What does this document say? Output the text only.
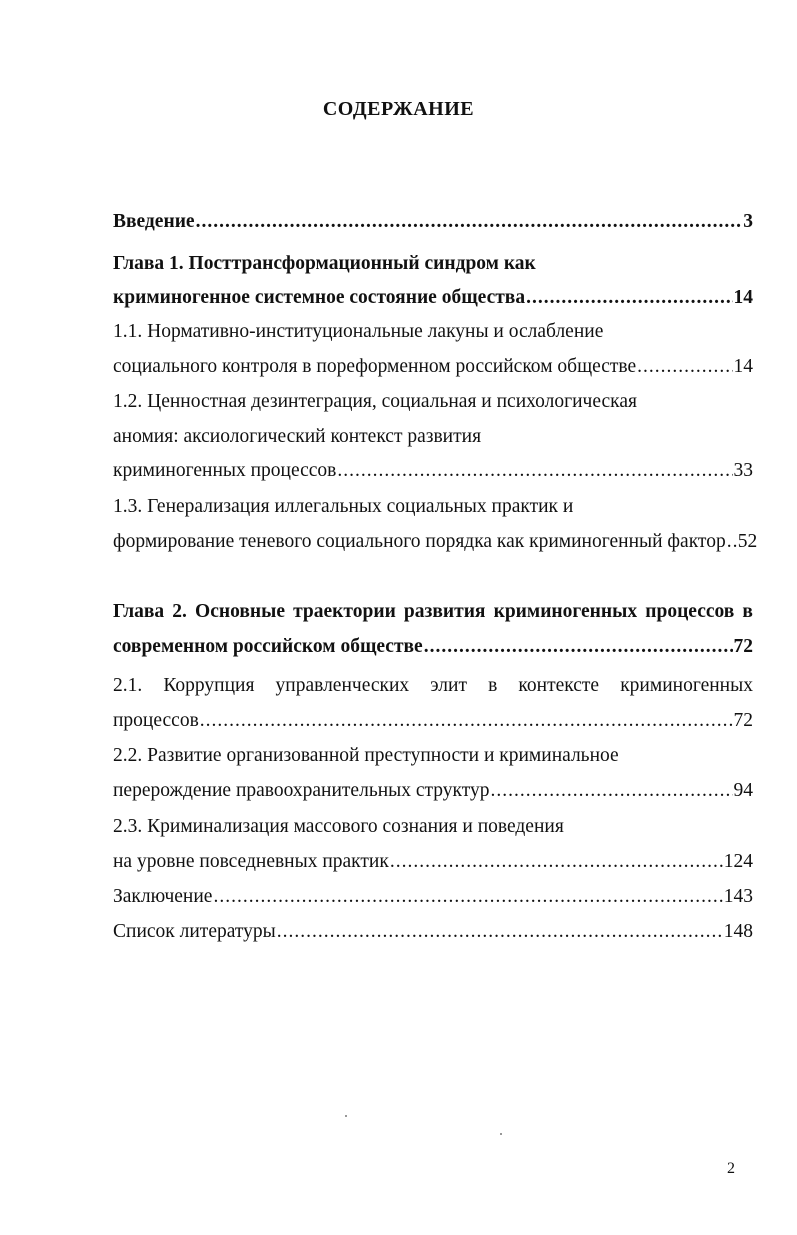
СОДЕРЖАНИЕ
Введение .....	3
Глава 1. Посттрансформационный синдром как
криминогенное системное состояние общества .....	14
1.1. Нормативно-институциональные лакуны и ослабление
социального контроля в пореформенном российском обществе .....	14
1.2. Ценностная дезинтеграция, социальная и психологическая
аномия: аксиологический контекст развития
криминогенных процессов .....	33
1.3. Генерализация иллегальных социальных практик и
формирование теневого социального порядка как криминогенный фактор ..... 52
Глава 2. Основные траектории развития криминогенных процессов в
современном российском обществе .....	72
2.1. Коррупция управленческих элит в контексте криминогенных
процессов .....	72
2.2. Развитие организованной преступности и криминальное
перерождение правоохранительных структур .....	94
2.3. Криминализация массового сознания и поведения
на уровне повседневных практик .....	124
Заключение .....	143
Список литературы .....	148
2
